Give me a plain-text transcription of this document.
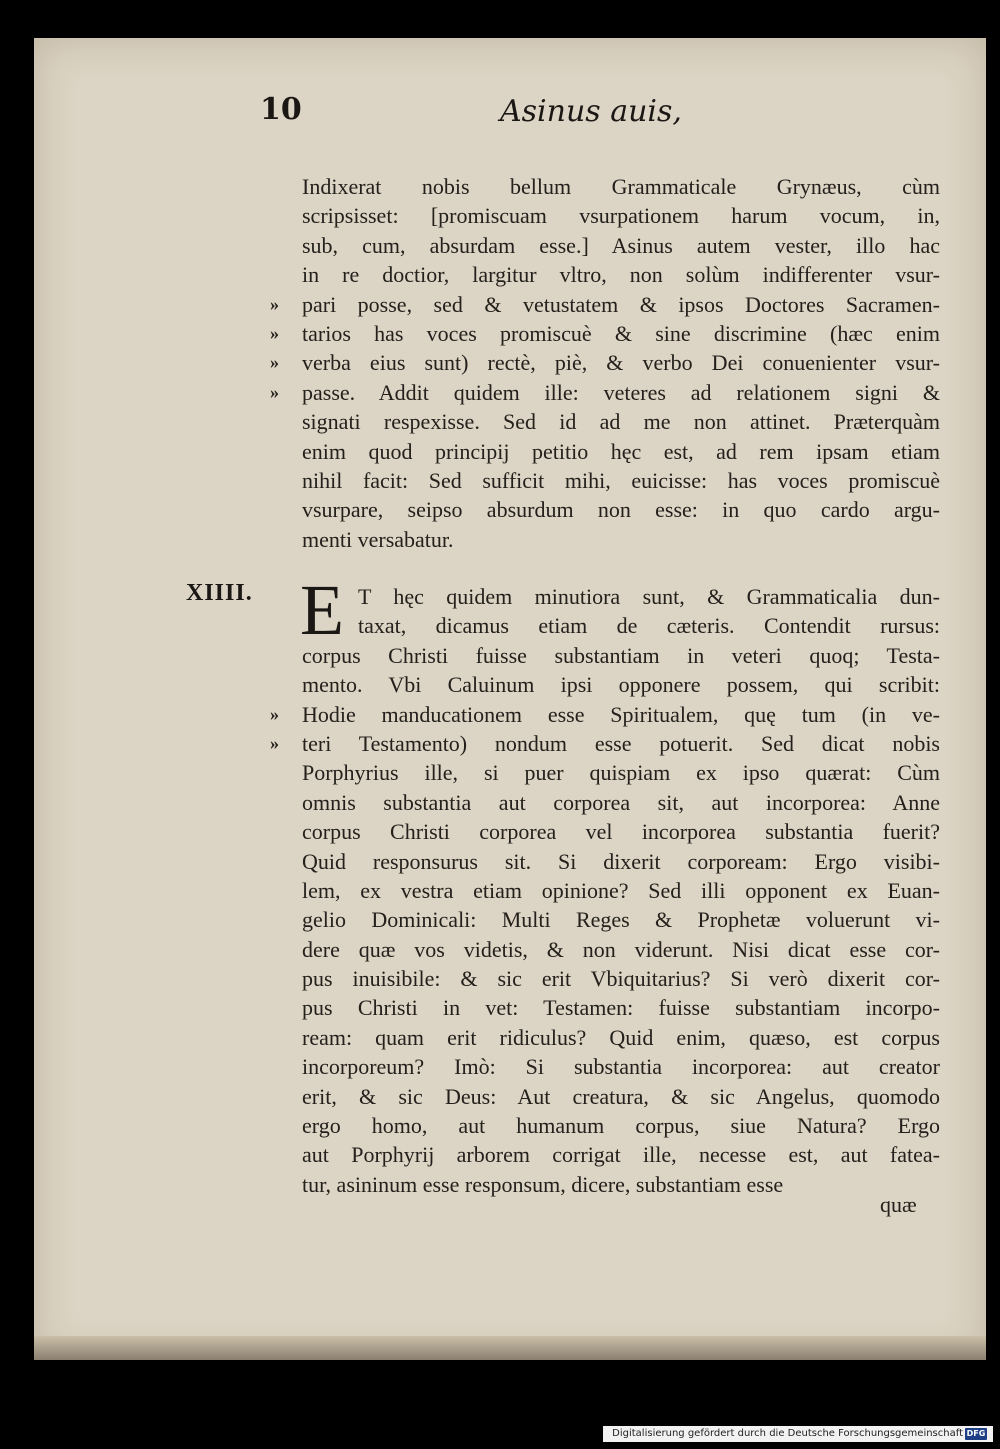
10	Asinus auis,
Indixerat nobis bellum Grammaticale Grynæus, cùm
scripsisset: [promiscuam vsurpationem harum vocum, in,
sub, cum, absurdam esse.] Asinus autem vester, illo hac
in re doctior, largitur vltro, non solùm indifferenter vsur-
» pari posse, sed & vetustatem & ipsos Doctores Sacramen-
» tarios has voces promiscuè & sine discrimine (hæc enim
» verba eius sunt) rectè, piè, & verbo Dei conuenienter vsur-
» passe. Addit quidem ille: veteres ad relationem signi &
signati respexisse. Sed id ad me non attinet. Præterquàm
enim quod principij petitio hęc est, ad rem ipsam etiam
nihil facit: Sed sufficit mihi, euicisse: has voces promiscuè
vsurpare, seipso absurdum non esse: in quo cardo argu-
menti versabatur.
XIIII. E T hęc quidem minutiora sunt, & Grammaticalia dun-
taxat, dicamus etiam de cæteris. Contendit rursus:
corpus Christi fuisse substantiam in veteri quoq; Testa-
mento. Vbi Caluinum ipsi opponere possem, qui scribit:
» Hodie manducationem esse Spiritualem, quę tum (in ve-
» teri Testamento) nondum esse potuerit. Sed dicat nobis
Porphyrius ille, si puer quispiam ex ipso quærat: Cùm
omnis substantia aut corporea sit, aut incorporea: Anne
corpus Christi corporea vel incorporea substantia fuerit?
Quid responsurus sit. Si dixerit corpoream: Ergo visibi-
lem, ex vestra etiam opinione? Sed illi opponent ex Euan-
gelio Dominicali: Multi Reges & Prophetæ voluerunt vi-
dere quæ vos videtis, & non viderunt. Nisi dicat esse cor-
pus inuisibile: & sic erit Vbiquitarius? Si verò dixerit cor-
pus Christi in vet: Testamen: fuisse substantiam incorpo-
ream: quam erit ridiculus? Quid enim, quæso, est corpus
incorporeum? Imò: Si substantia incorporea: aut creator
erit, & sic Deus: Aut creatura, & sic Angelus, quomodo
ergo homo, aut humanum corpus, siue Natura? Ergo
aut Porphyrij arborem corrigat ille, necesse est, aut fatea-
tur, asininum esse responsum, dicere, substantiam esse
quæ
Digitalisierung gefördert durch die Deutsche Forschungsgemeinschaft DFG
